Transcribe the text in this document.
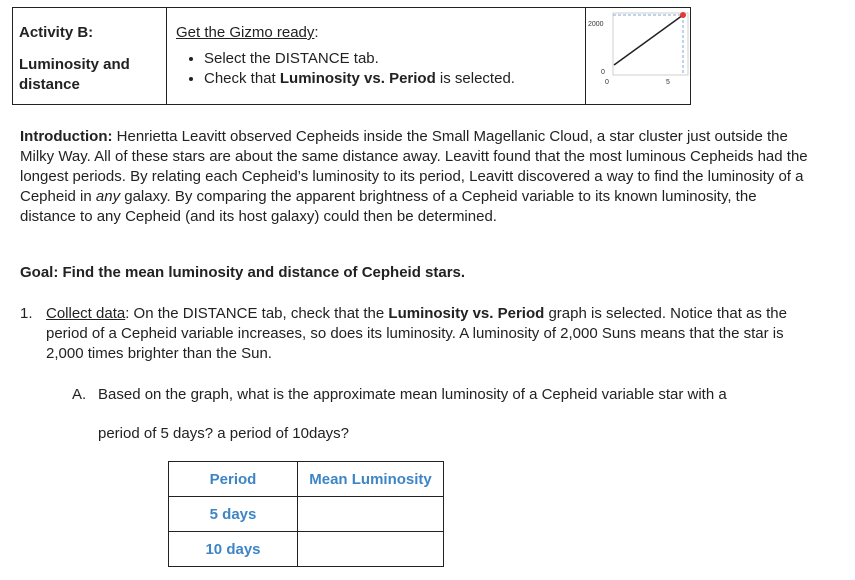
Activity B:
Luminosity and
distance

Get the Gizmo ready:
• Select the DISTANCE tab.
• Check that Luminosity vs. Period is selected.

2000
0
0	5
Introduction: Henrietta Leavitt observed Cepheids inside the Small Magellanic Cloud, a star cluster just outside the Milky Way. All of these stars are about the same distance away. Leavitt found that the most luminous Cepheids had the longest periods. By relating each Cepheid’s luminosity to its period, Leavitt discovered a way to find the luminosity of a Cepheid in any galaxy. By comparing the apparent brightness of a Cepheid variable to its known luminosity, the distance to any Cepheid (and its host galaxy) could then be determined.
Goal: Find the mean luminosity and distance of Cepheid stars.
1. Collect data: On the DISTANCE tab, check that the Luminosity vs. Period graph is selected. Notice that as the period of a Cepheid variable increases, so does its luminosity. A luminosity of 2,000 Suns means that the star is 2,000 times brighter than the Sun.
A. Based on the graph, what is the approximate mean luminosity of a Cepheid variable star with a
period of 5 days? a period of 10days?
Period	Mean Luminosity
5 days	
10 days	
